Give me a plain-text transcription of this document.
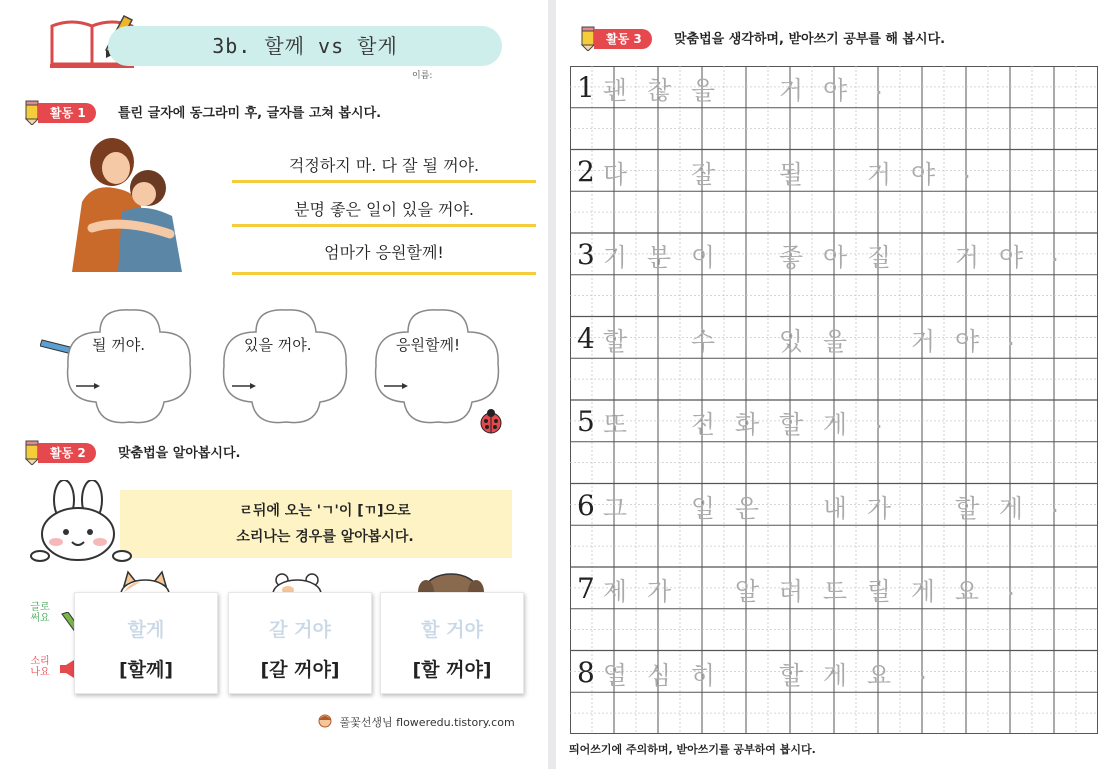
3b. 할께 vs 할게
이름:
활동 1	틀린 글자에 동그라미 후, 글자를 고쳐 봅시다.
걱정하지 마. 다 잘 될 꺼야.
분명 좋은 일이 있을 꺼야.
엄마가 응원할께!
될 꺼야.	있을 꺼야.	응원할께!
활동 2	맞춤법을 알아봅시다.
ㄹ뒤에 오는 'ㄱ'이 [ㄲ]으로
소리나는 경우를 알아봅시다.
글로 써요
소리 나요
할게
[할께]
갈 거야
[갈 꺼야]
할 거야
[할 꺼야]
풀꽃선생님 floweredu.tistory.com
활동 3	맞춤법을 생각하며, 받아쓰기 공부를 해 봅시다.
1 괜 찮 을	거 야	.
2 다	잘	될	거 야	.
3 기 분 이	좋 아 질	거 야	.
4 할	수	있 을	거 야	.
5 또	전 화 할 게	.
6 그	일 은	내 가	할 게	.
7 제 가	알 려 드 릴 게 요	.
8 열 심 히	할 게 요	.
띄어쓰기에 주의하며, 받아쓰기를 공부하여 봅시다.
